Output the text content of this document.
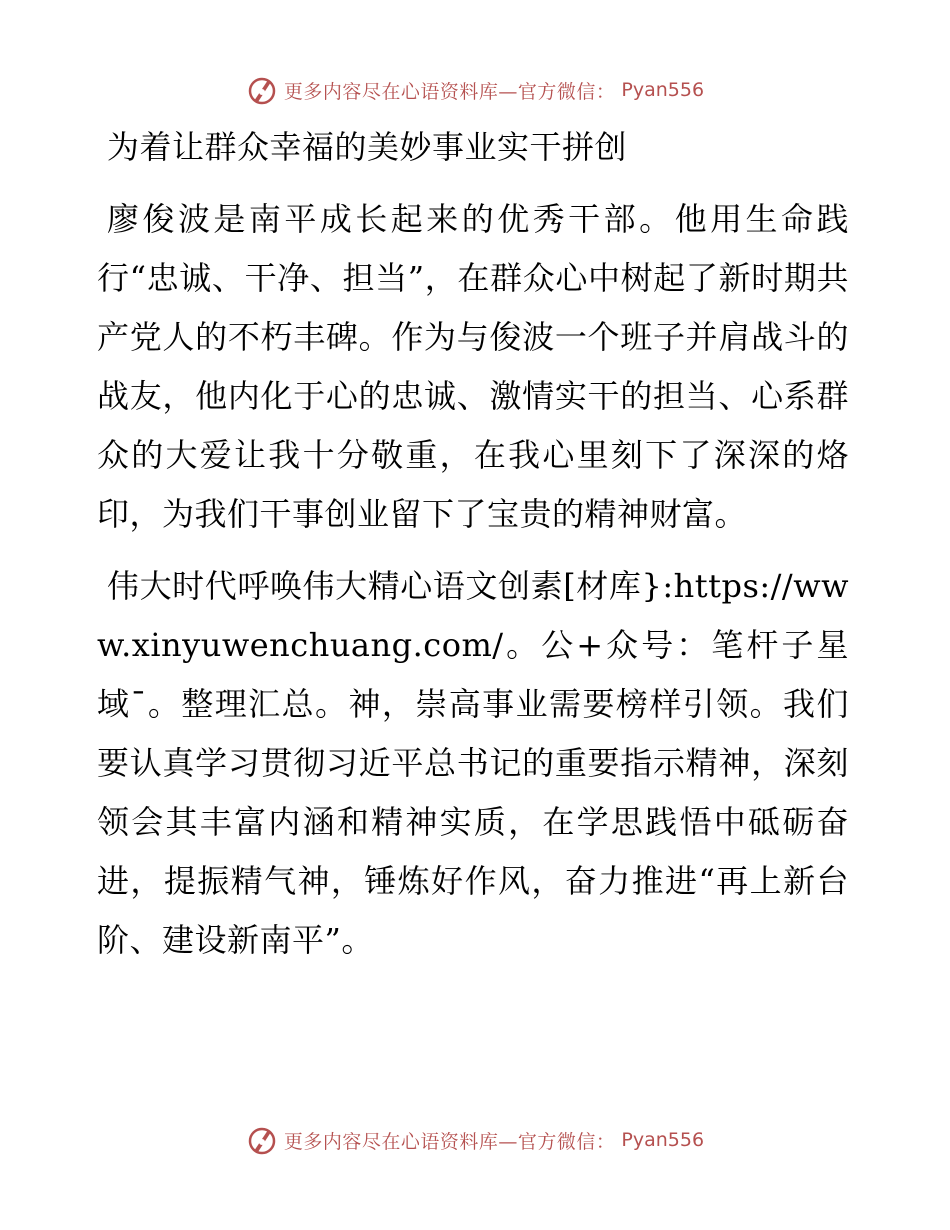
更多内容尽在心语资料库—官方微信： Pyan556

为着让群众幸福的美妙事业实干拼创

廖俊波是南平成长起来的优秀干部。他用生命践行“忠诚、干净、担当”，在群众心中树起了新时期共产党人的不朽丰碑。作为与俊波一个班子并肩战斗的战友，他内化于心的忠诚、激情实干的担当、心系群众的大爱让我十分敬重，在我心里刻下了深深的烙印，为我们干事创业留下了宝贵的精神财富。

伟大时代呼唤伟大精心语文创素[材库}:https://www.xinyuwenchuang.com/。公+众号：笔杆子星域¯。整理汇总。神，崇高事业需要榜样引领。我们要认真学习贯彻习近平总书记的重要指示精神，深刻领会其丰富内涵和精神实质，在学思践悟中砥砺奋进，提振精气神，锤炼好作风，奋力推进“再上新台阶、建设新南平”。

更多内容尽在心语资料库—官方微信： Pyan556
